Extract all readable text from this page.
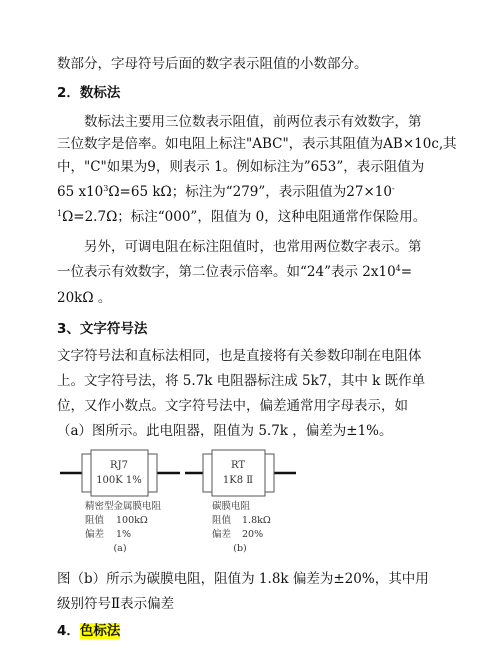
数部分，字母符号后面的数字表示阻值的小数部分。
2．数标法
数标法主要用三位数表示阻值，前两位表示有效数字，第
三位数字是倍率。如电阻上标注"ABC"，表示其阻值为AB×10c,其
中，"C"如果为9，则表示 1。例如标注为”653”，表示阻值为
65 $x10^3\Omega=65$ kΩ；标注为“279”，表示阻值为27×10-
$^1$Ω=2.7Ω；标注“000”，阻值为 0，这种电阻通常作保险用。
另外，可调电阻在标注阻值时，也常用两位数字表示。第
一位表示有效数字，第二位表示倍率。如“24”表示 $2x10^4=$
20kΩ 。
3、文字符号法
文字符号法和直标法相同，也是直接将有关参数印制在电阻体
上。文字符号法，将 5.7k 电阻器标注成 5k7，其中 k 既作单
位，又作小数点。文字符号法中，偏差通常用字母表示，如
（a）图所示。此电阻器，阻值为 5.7k ，偏差为±1%。
RJ7
100K 1%
精密型金属膜电阻
阻值 100kΩ
偏差 1%
(a)
RT
1K8 Ⅱ
碳膜电阻
阻值 1.8kΩ
偏差 20%
(b)
图（b）所示为碳膜电阻，阻值为 1.8k 偏差为±20%，其中用
级别符号Ⅱ表示偏差
4．色标法
